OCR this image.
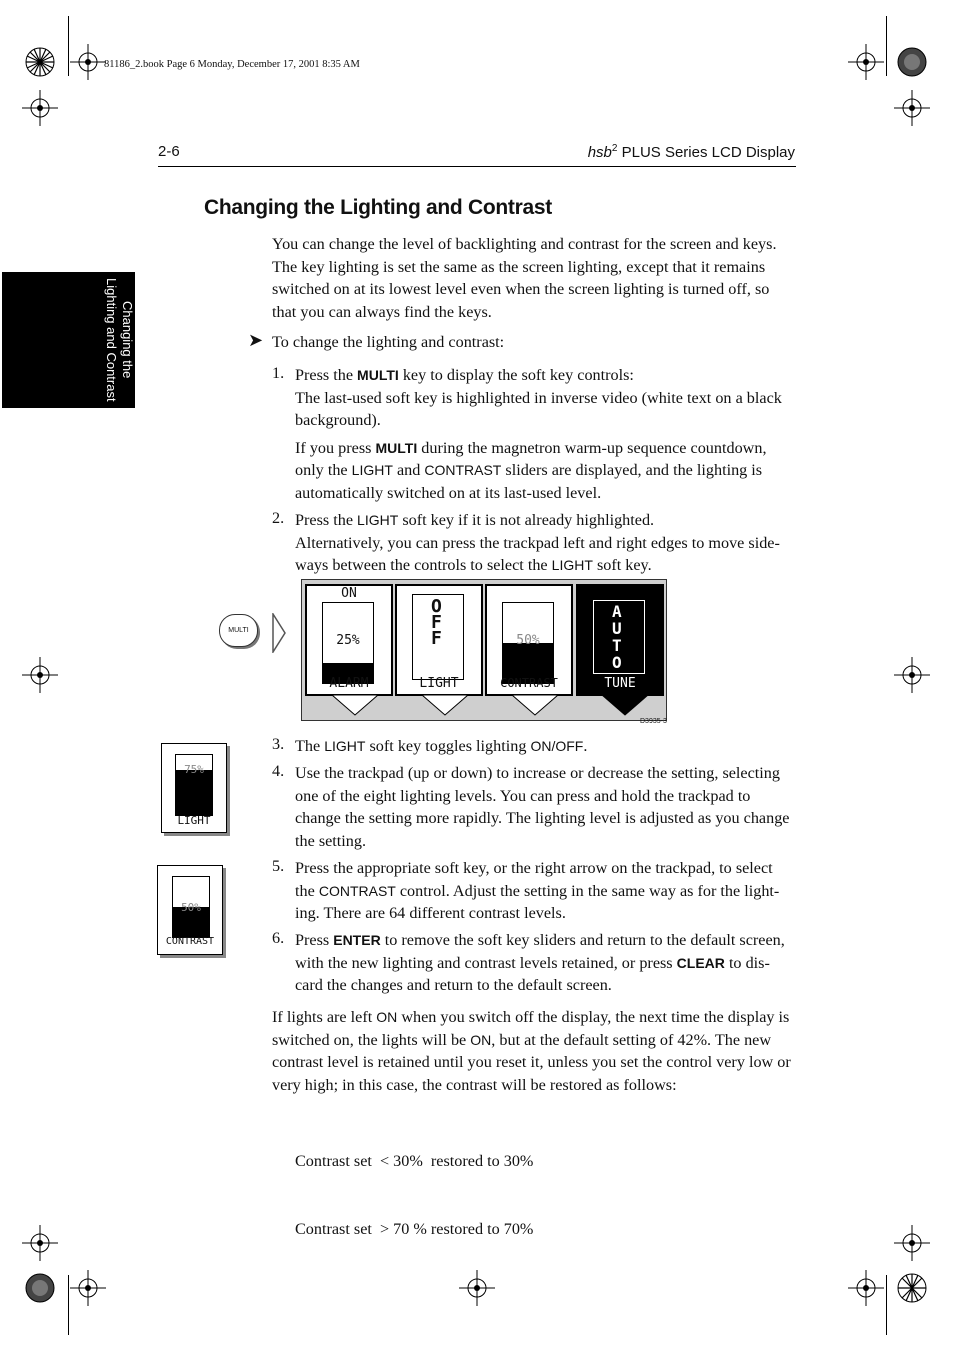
81186_2.book Page 6 Monday, December 17, 2001 8:35 AM
2-6	hsb$^2$ PLUS Series LCD Display
Changing the
Lighting and Contrast
Changing the Lighting and Contrast

You can change the level of backlighting and contrast for the screen and keys. The key lighting is set the same as the screen lighting, except that it remains switched on at its lowest level even when the screen lighting is turned off, so that you can always find the keys.

➤ To change the lighting and contrast:
1. Press the MULTI key to display the soft key controls:

The last-used soft key is highlighted in inverse video (white text on a black background).

If you press MULTI during the magnetron warm-up sequence countdown, only the LIGHT and CONTRAST sliders are displayed, and the lighting is automatically switched on at its last-used level.

2. Press the LIGHT soft key if it is not already highlighted.

Alternatively, you can press the trackpad left and right edges to move side-ways between the controls to select the LIGHT soft key.

MULTI
ON
25%
ALARM
OFF
LIGHT
50%
CONTRAST
AUTO
TUNE
D3935-3
75%
LIGHT
50%
CONTRAST
3. The LIGHT soft key toggles lighting ON/OFF.

4. Use the trackpad (up or down) to increase or decrease the setting, selecting one of the eight lighting levels. You can press and hold the trackpad to change the setting more rapidly. The lighting level is adjusted as you change the setting.

5. Press the appropriate soft key, or the right arrow on the trackpad, to select the CONTRAST control. Adjust the setting in the same way as for the light-ing. There are 64 different contrast levels.

6. Press ENTER to remove the soft key sliders and return to the default screen, with the new lighting and contrast levels retained, or press CLEAR to dis-card the changes and return to the default screen.

If lights are left ON when you switch off the display, the next time the display is switched on, the lights will be ON, but at the default setting of 42%. The new contrast level is retained until you reset it, unless you set the control very low or very high; in this case, the contrast will be restored as follows:

Contrast set  < 30%  restored to 30%

Contrast set  > 70 % restored to 70%
